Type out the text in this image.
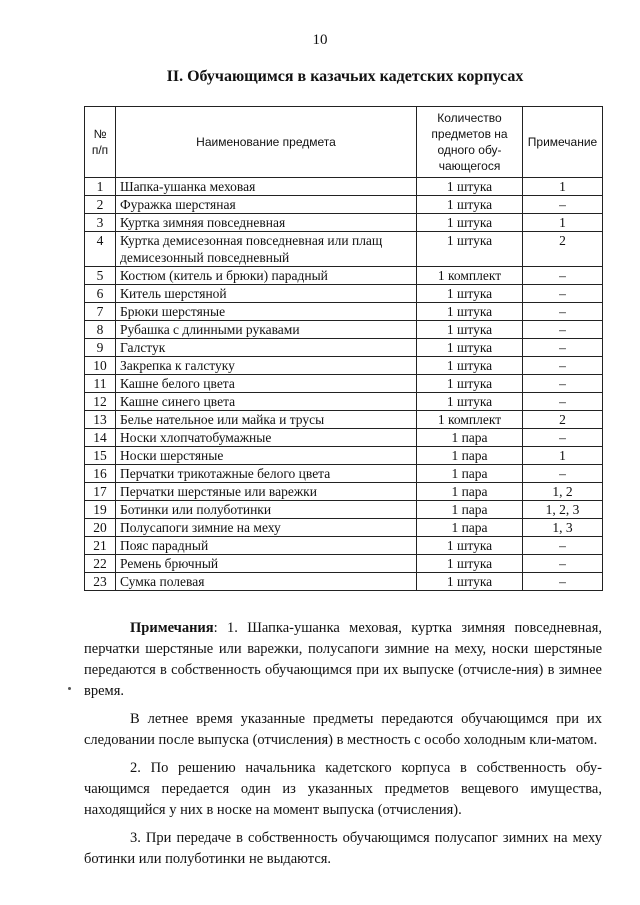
10
II. Обучающимся в казачьих кадетских корпусах
№ п/п	Наименование предмета	Количество предметов на одного обу-чающегося	Примечание
1	Шапка-ушанка меховая	1 штука	1
2	Фуражка шерстяная	1 штука	–
3	Куртка зимняя повседневная	1 штука	1
4	Куртка демисезонная повседневная или плащ демисезонный повседневный	1 штука	2
5	Костюм (китель и брюки) парадный	1 комплект	–
6	Китель шерстяной	1 штука	–
7	Брюки шерстяные	1 штука	–
8	Рубашка с длинными рукавами	1 штука	–
9	Галстук	1 штука	–
10	Закрепка к галстуку	1 штука	–
11	Кашне белого цвета	1 штука	–
12	Кашне синего цвета	1 штука	–
13	Белье нательное или майка и трусы	1 комплект	2
14	Носки хлопчатобумажные	1 пара	–
15	Носки шерстяные	1 пара	1
16	Перчатки трикотажные белого цвета	1 пара	–
17	Перчатки шерстяные или варежки	1 пара	1, 2
19	Ботинки или полуботинки	1 пара	1, 2, 3
20	Полусапоги зимние на меху	1 пара	1, 3
21	Пояс парадный	1 штука	–
22	Ремень брючный	1 штука	–
23	Сумка полевая	1 штука	–

Примечания: 1. Шапка-ушанка меховая, куртка зимняя повседневная, перчатки шерстяные или варежки, полусапоги зимние на меху, носки шерстяные передаются в собственность обучающимся при их выпуске (отчисле-ния) в зимнее время.

В летнее время указанные предметы передаются обучающимся при их следовании после выпуска (отчисления) в местность с особо холодным кли-матом.

2. По решению начальника кадетского корпуса в собственность обу-чающимся передается один из указанных предметов вещевого имущества, находящийся у них в носке на момент выпуска (отчисления).

3. При передаче в собственность обучающимся полусапог зимних на меху ботинки или полуботинки не выдаются.
